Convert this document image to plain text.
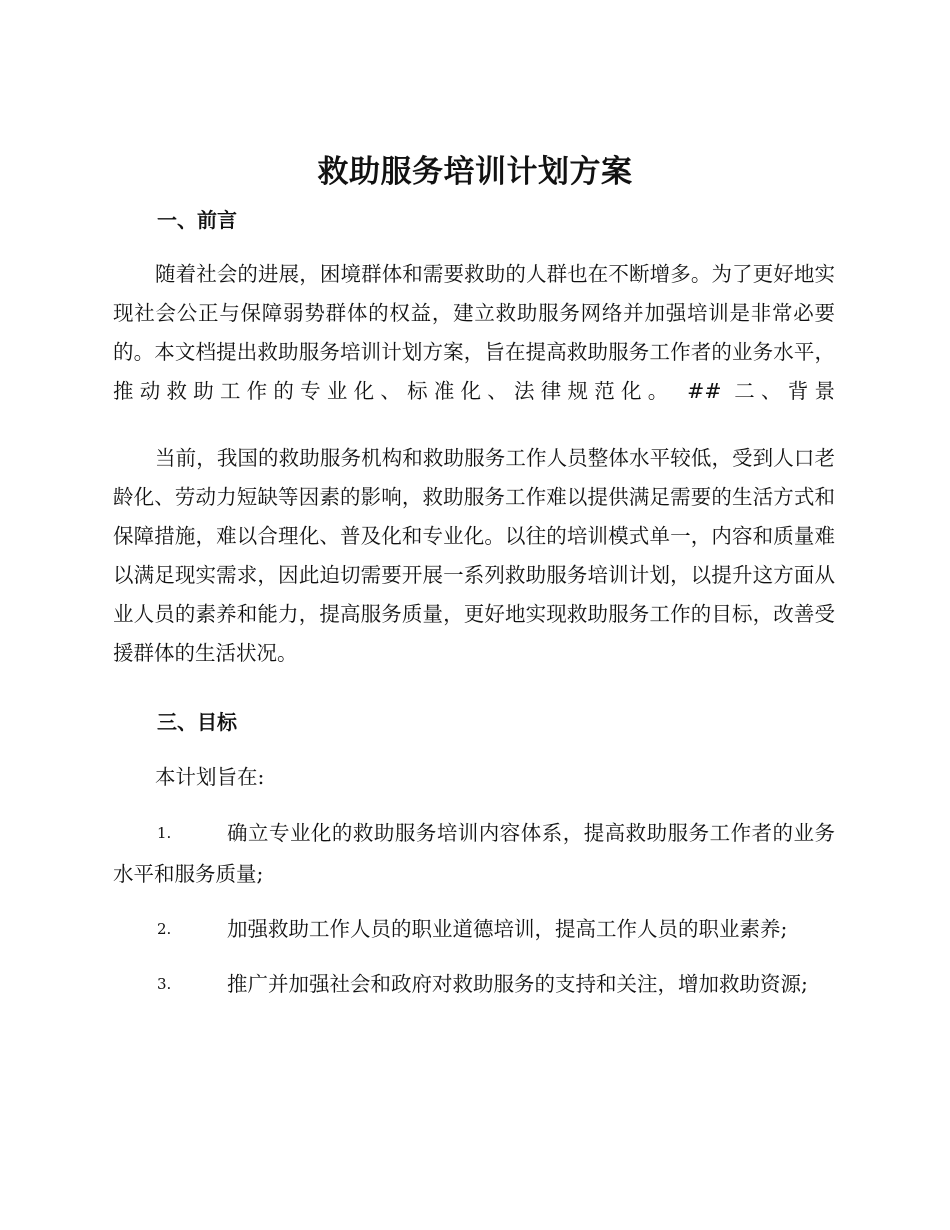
救助服务培训计划方案
一、前言
随着社会的进展，困境群体和需要救助的人群也在不断增多。为了更好地实现社会公正与保障弱势群体的权益，建立救助服务网络并加强培训是非常必要的。本文档提出救助服务培训计划方案，旨在提高救助服务工作者的业务水平，推动救助工作的专业化、标准化、法律规范化。 ## 二、背景
当前，我国的救助服务机构和救助服务工作人员整体水平较低，受到人口老龄化、劳动力短缺等因素的影响，救助服务工作难以提供满足需要的生活方式和保障措施，难以合理化、普及化和专业化。以往的培训模式单一，内容和质量难以满足现实需求，因此迫切需要开展一系列救助服务培训计划，以提升这方面从业人员的素养和能力，提高服务质量，更好地实现救助服务工作的目标，改善受援群体的生活状况。
三、目标
本计划旨在:
1.	确立专业化的救助服务培训内容体系，提高救助服务工作者的业务水平和服务质量;
2.	加强救助工作人员的职业道德培训，提高工作人员的职业素养;
3.	推广并加强社会和政府对救助服务的支持和关注，增加救助资源;
